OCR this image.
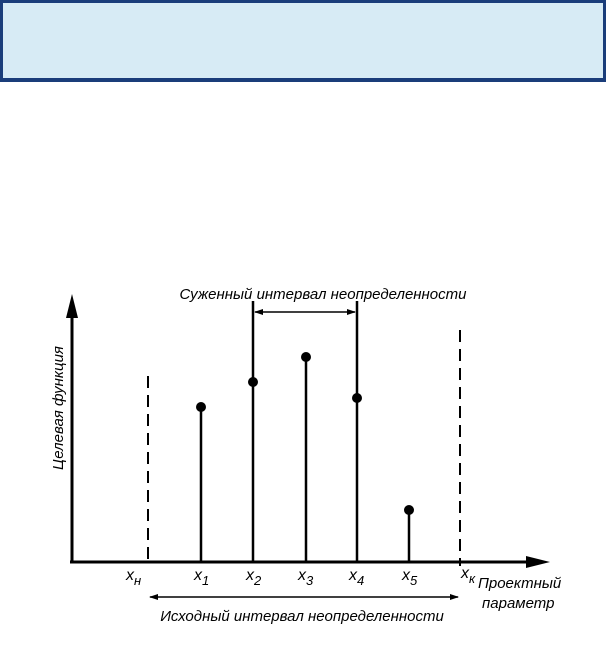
Суженный интервал неопределенности
Исходный интервал неопределенности
Целевая функция
Проектный
параметр
$x_н$	$x_к$
$x_1$ $x_2$ $x_3$ $x_4$ $x_5$
